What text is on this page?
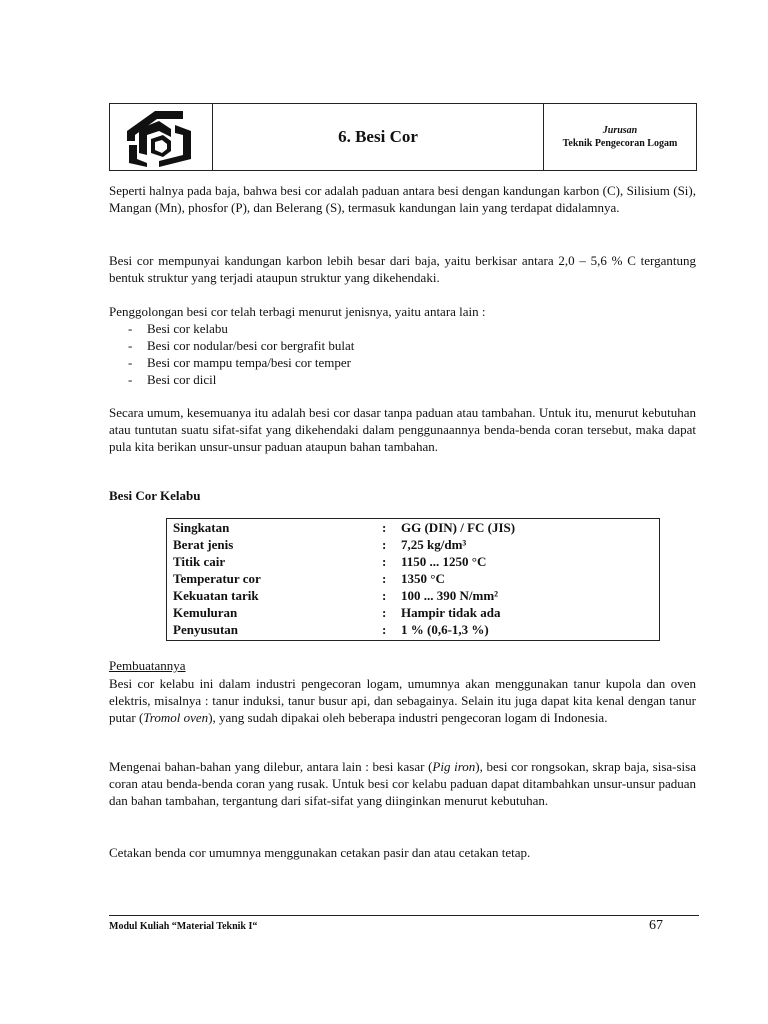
6. Besi Cor	Jurusan
Teknik Pengecoran Logam

Seperti halnya pada baja, bahwa besi cor adalah paduan antara besi dengan kandungan karbon (C), Silisium (Si), Mangan (Mn), phosfor (P), dan Belerang (S), termasuk kandungan lain yang terdapat didalamnya.

Besi cor mempunyai kandungan karbon lebih besar dari baja, yaitu berkisar antara 2,0 – 5,6 % C tergantung bentuk struktur yang terjadi ataupun struktur yang dikehendaki.

Penggolongan besi cor telah terbagi menurut jenisnya, yaitu antara lain :

-	Besi cor kelabu
-	Besi cor nodular/besi cor bergrafit bulat
-	Besi cor mampu tempa/besi cor temper
-	Besi cor dicil

Secara umum, kesemuanya itu adalah besi cor dasar tanpa paduan atau tambahan. Untuk itu, menurut kebutuhan atau tuntutan suatu sifat-sifat yang dikehendaki dalam penggunaannya benda-benda coran tersebut, maka dapat pula kita berikan unsur-unsur paduan ataupun bahan tambahan.

Besi Cor Kelabu
Singkatan	: GG (DIN) / FC (JIS)
Berat jenis	: 7,25 kg/dm³
Titik cair	: 1150 ... 1250 °C
Temperatur cor	: 1350 °C
Kekuatan tarik	: 100 ... 390 N/mm²
Kemuluran	: Hampir tidak ada
Penyusutan	: 1 % (0,6-1,3 %)
Pembuatannya

Besi cor kelabu ini dalam industri pengecoran logam, umumnya akan menggunakan tanur kupola dan oven elektris, misalnya : tanur induksi, tanur busur api, dan sebagainya. Selain itu juga dapat kita kenal dengan tanur putar (Tromol oven), yang sudah dipakai oleh beberapa industri pengecoran logam di Indonesia.

Mengenai bahan-bahan yang dilebur, antara lain : besi kasar (Pig iron), besi cor rongsokan, skrap baja, sisa-sisa coran atau benda-benda coran yang rusak. Untuk besi cor kelabu paduan dapat ditambahkan unsur-unsur paduan dan bahan tambahan, tergantung dari sifat-sifat yang diinginkan menurut kebutuhan.

Cetakan benda cor umumnya menggunakan cetakan pasir dan atau cetakan tetap.

Modul Kuliah “Material Teknik I“	67
